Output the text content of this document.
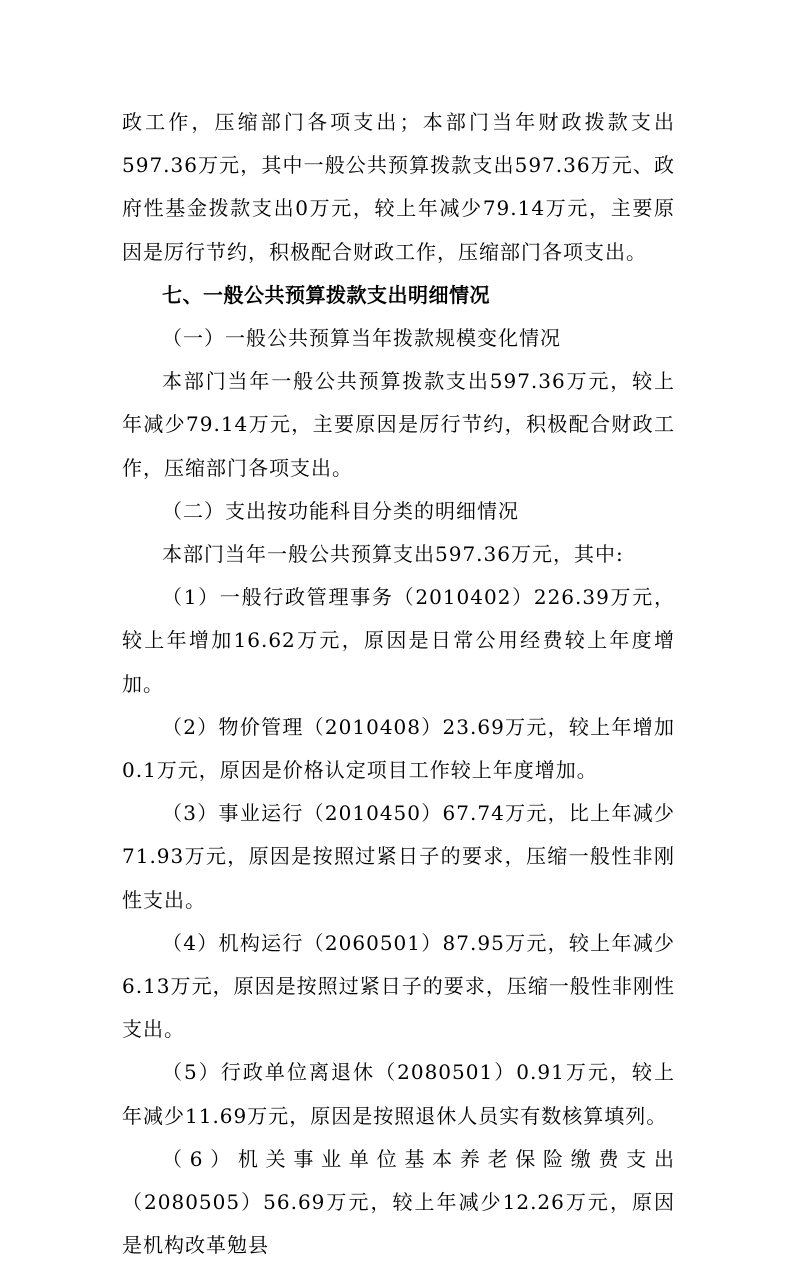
政工作，压缩部门各项支出；本部门当年财政拨款支出597.36万元，其中一般公共预算拨款支出597.36万元、政府性基金拨款支出0万元，较上年减少79.14万元，主要原因是厉行节约，积极配合财政工作，压缩部门各项支出。

七、一般公共预算拨款支出明细情况

（一）一般公共预算当年拨款规模变化情况

本部门当年一般公共预算拨款支出597.36万元，较上年减少79.14万元，主要原因是厉行节约，积极配合财政工作，压缩部门各项支出。

（二）支出按功能科目分类的明细情况

本部门当年一般公共预算支出597.36万元，其中:

（1）一般行政管理事务（2010402）226.39万元，较上年增加16.62万元，原因是日常公用经费较上年度增加。

（2）物价管理（2010408）23.69万元，较上年增加0.1万元，原因是价格认定项目工作较上年度增加。

（3）事业运行（2010450）67.74万元，比上年减少71.93万元，原因是按照过紧日子的要求，压缩一般性非刚性支出。

（4）机构运行（2060501）87.95万元，较上年减少6.13万元，原因是按照过紧日子的要求，压缩一般性非刚性支出。

（5）行政单位离退休（2080501）0.91万元，较上年减少11.69万元，原因是按照退休人员实有数核算填列。

（6）机关事业单位基本养老保险缴费支出（2080505）56.69万元，较上年减少12.26万元，原因是机构改革勉县
